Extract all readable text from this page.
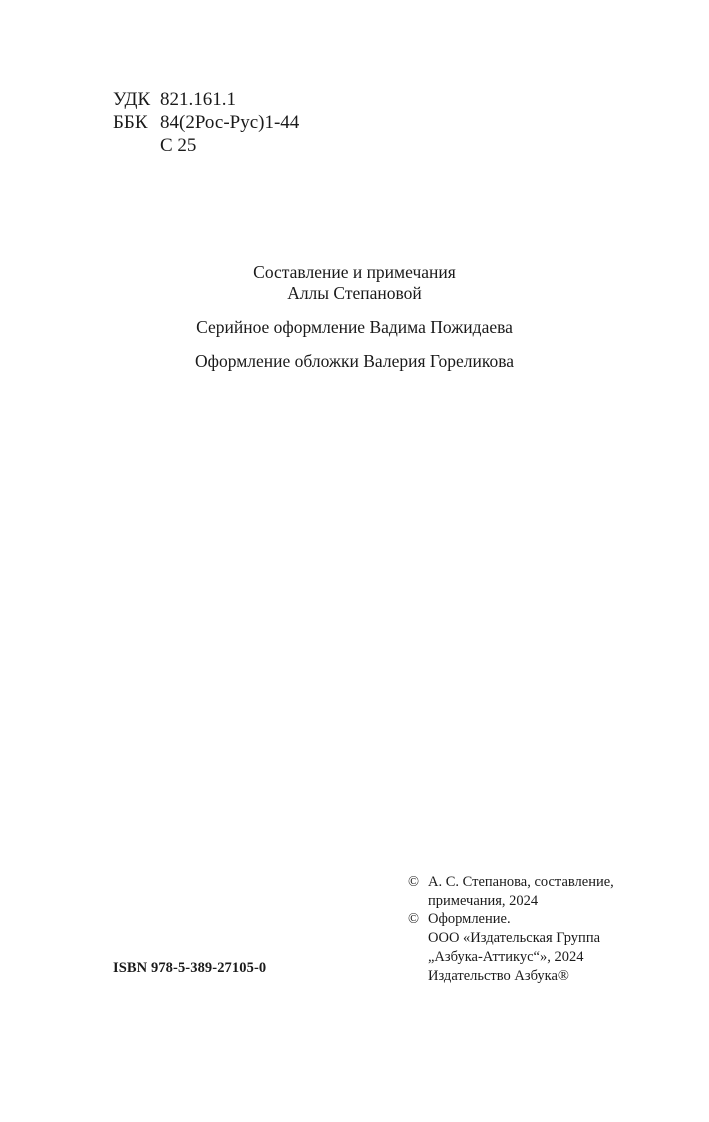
УДК 821.161.1
ББК 84(2Рос-Рус)1-44
С 25
Составление и примечания
Аллы Степановой
Серийное оформление Вадима Пожидаева
Оформление обложки Валерия Гореликова
ISBN 978-5-389-27105-0
© А. С. Степанова, составление,
примечания, 2024
© Оформление.
ООО «Издательская Группа
„Азбука-Аттикус“», 2024
Издательство Азбука®
